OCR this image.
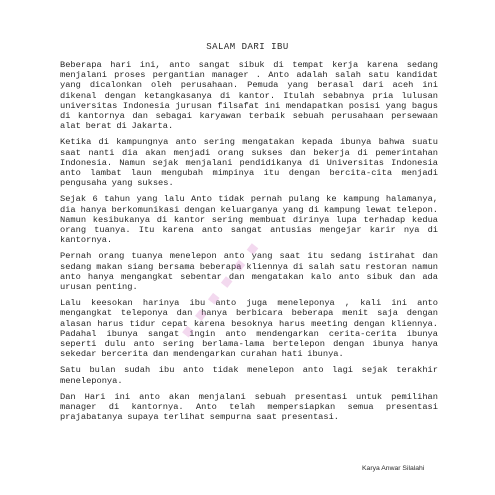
SALAM DARI IBU

Beberapa hari ini, anto sangat sibuk di tempat kerja karena sedang menjalani proses pergantian manager . Anto adalah salah satu kandidat yang dicalonkan oleh perusahaan. Pemuda yang berasal dari aceh ini dikenal dengan ketangkasanya di kantor. Itulah sebabnya pria lulusan universitas Indonesia jurusan filsafat ini mendapatkan posisi yang bagus di kantornya dan sebagai karyawan terbaik sebuah perusahaan persewaan alat berat di Jakarta.

Ketika di kampungnya anto sering mengatakan kepada ibunya bahwa suatu saat nanti dia akan menjadi orang sukses dan bekerja di pemerintahan Indonesia. Namun sejak menjalani pendidikanya di Universitas Indonesia anto lambat laun mengubah mimpinya itu dengan bercita-cita menjadi pengusaha yang sukses.

Sejak 6 tahun yang lalu Anto tidak pernah pulang ke kampung halamanya, dia hanya berkomunikasi dengan keluarganya yang di kampung lewat telepon. Namun kesibukanya di kantor sering membuat dirinya lupa terhadap kedua orang tuanya. Itu karena anto sangat antusias mengejar karir nya di kantornya.

Pernah orang tuanya menelepon anto yang saat itu sedang istirahat dan sedang makan siang bersama beberapa kliennya di salah satu restoran namun anto hanya mengangkat sebentar dan mengatakan kalo anto sibuk dan ada urusan penting.

Lalu keesokan harinya ibu anto juga meneleponya , kali ini anto mengangkat teleponya dan hanya berbicara beberapa menit saja dengan alasan harus tidur cepat karena besoknya harus meeting dengan kliennya. Padahal ibunya sangat ingin anto mendengarkan cerita-cerita ibunya seperti dulu anto sering berlama-lama bertelepon dengan ibunya hanya sekedar bercerita dan mendengarkan curahan hati ibunya.

Satu bulan sudah ibu anto tidak menelepon anto lagi sejak terakhir meneleponya.

Dan Hari ini anto akan menjalani sebuah presentasi untuk pemilihan manager di kantornya. Anto telah mempersiapkan semua presentasi prajabatanya supaya terlihat sempurna saat presentasi.

■ ■ ■ ■ ■ ■
Karya Anwar Silalahi
